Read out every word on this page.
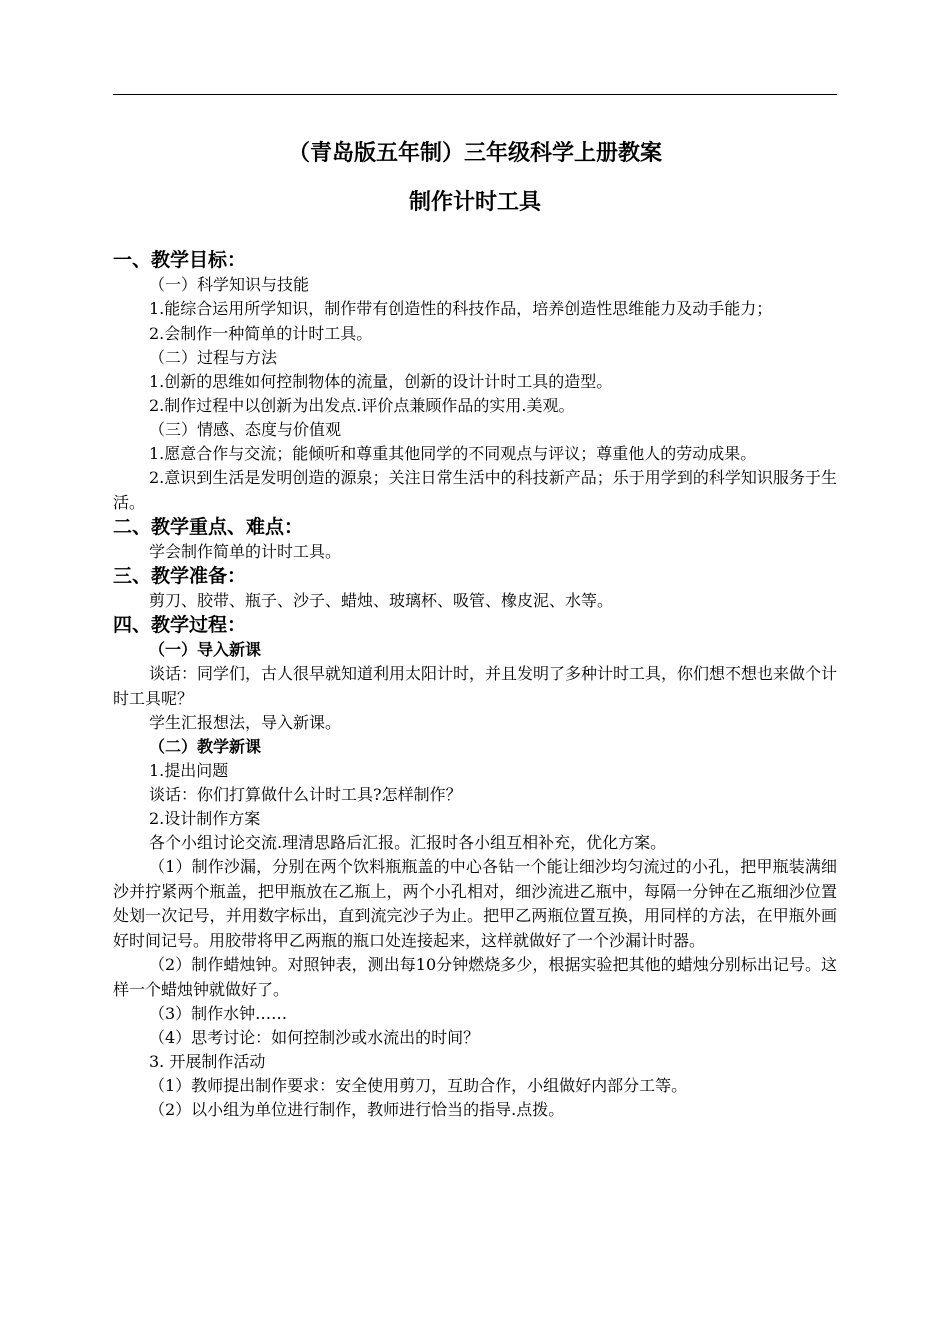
（青岛版五年制）三年级科学上册教案
制作计时工具
一、教学目标：
（一）科学知识与技能
1.能综合运用所学知识，制作带有创造性的科技作品，培养创造性思维能力及动手能力；
2.会制作一种简单的计时工具。
（二）过程与方法
1.创新的思维如何控制物体的流量，创新的设计计时工具的造型。
2.制作过程中以创新为出发点.评价点兼顾作品的实用.美观。
（三）情感、态度与价值观
1.愿意合作与交流；能倾听和尊重其他同学的不同观点与评议；尊重他人的劳动成果。
2.意识到生活是发明创造的源泉；关注日常生活中的科技新产品；乐于用学到的科学知识服务于生活。
二、教学重点、难点：
学会制作简单的计时工具。
三、教学准备：
剪刀、胶带、瓶子、沙子、蜡烛、玻璃杯、吸管、橡皮泥、水等。
四、教学过程：
（一）导入新课
谈话：同学们，古人很早就知道利用太阳计时，并且发明了多种计时工具，你们想不想也来做个计时工具呢？
学生汇报想法，导入新课。
（二）教学新课
1.提出问题
谈话：你们打算做什么计时工具?怎样制作？
2.设计制作方案
各个小组讨论交流.理清思路后汇报。汇报时各小组互相补充，优化方案。
（1）制作沙漏，分别在两个饮料瓶瓶盖的中心各钻一个能让细沙均匀流过的小孔，把甲瓶装满细沙并拧紧两个瓶盖，把甲瓶放在乙瓶上，两个小孔相对，细沙流进乙瓶中，每隔一分钟在乙瓶细沙位置处划一次记号，并用数字标出，直到流完沙子为止。把甲乙两瓶位置互换，用同样的方法，在甲瓶外画好时间记号。用胶带将甲乙两瓶的瓶口处连接起来，这样就做好了一个沙漏计时器。
（2）制作蜡烛钟。对照钟表，测出每10分钟燃烧多少，根据实验把其他的蜡烛分别标出记号。这样一个蜡烛钟就做好了。
（3）制作水钟……
（4）思考讨论：如何控制沙或水流出的时间？
3. 开展制作活动
（1）教师提出制作要求：安全使用剪刀，互助合作，小组做好内部分工等。
（2）以小组为单位进行制作，教师进行恰当的指导.点拨。
